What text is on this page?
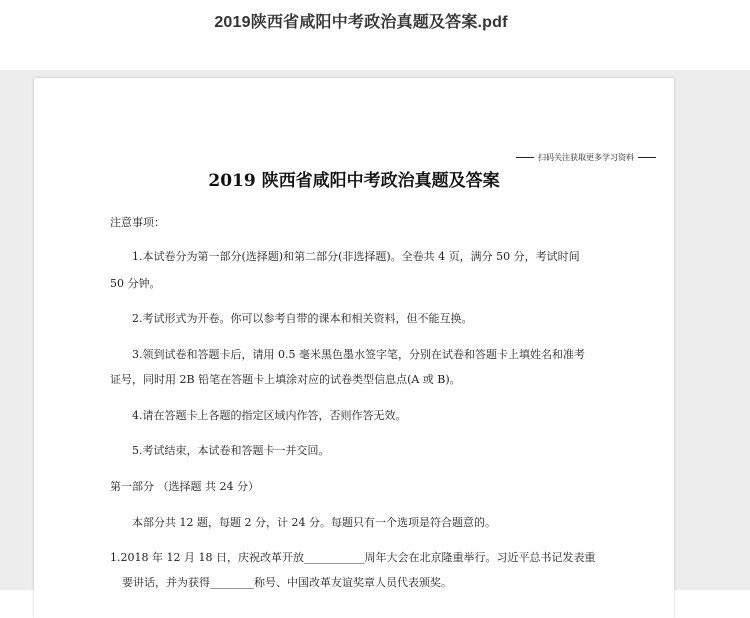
2019陕西省咸阳中考政治真题及答案.pdf
扫码关注获取更多学习资料
2019 陕西省咸阳中考政治真题及答案
注意事项：
1.本试卷分为第一部分(选择题)和第二部分(非选择题)。全卷共 4 页，满分 50 分，考试时间
50 分钟。
2.考试形式为开卷。你可以参考自带的课本和相关资料，但不能互换。
3.领到试卷和答题卡后，请用 0.5 毫米黑色墨水签字笔，分别在试卷和答题卡上填姓名和准考
证号，同时用 2B 铅笔在答题卡上填涂对应的试卷类型信息点(A 或 B)。
4.请在答题卡上各题的指定区域内作答，否则作答无效。
5.考试结束，本试卷和答题卡一并交回。
第一部分 （选择题 共 24 分）
本部分共 12 题，每题 2 分，计 24 分。每题只有一个选项是符合题意的。
1.2018 年 12 月 18 日，庆祝改革开放___________周年大会在北京隆重举行。习近平总书记发表重
要讲话，并为获得________称号、中国改革友谊奖章人员代表颁奖。
